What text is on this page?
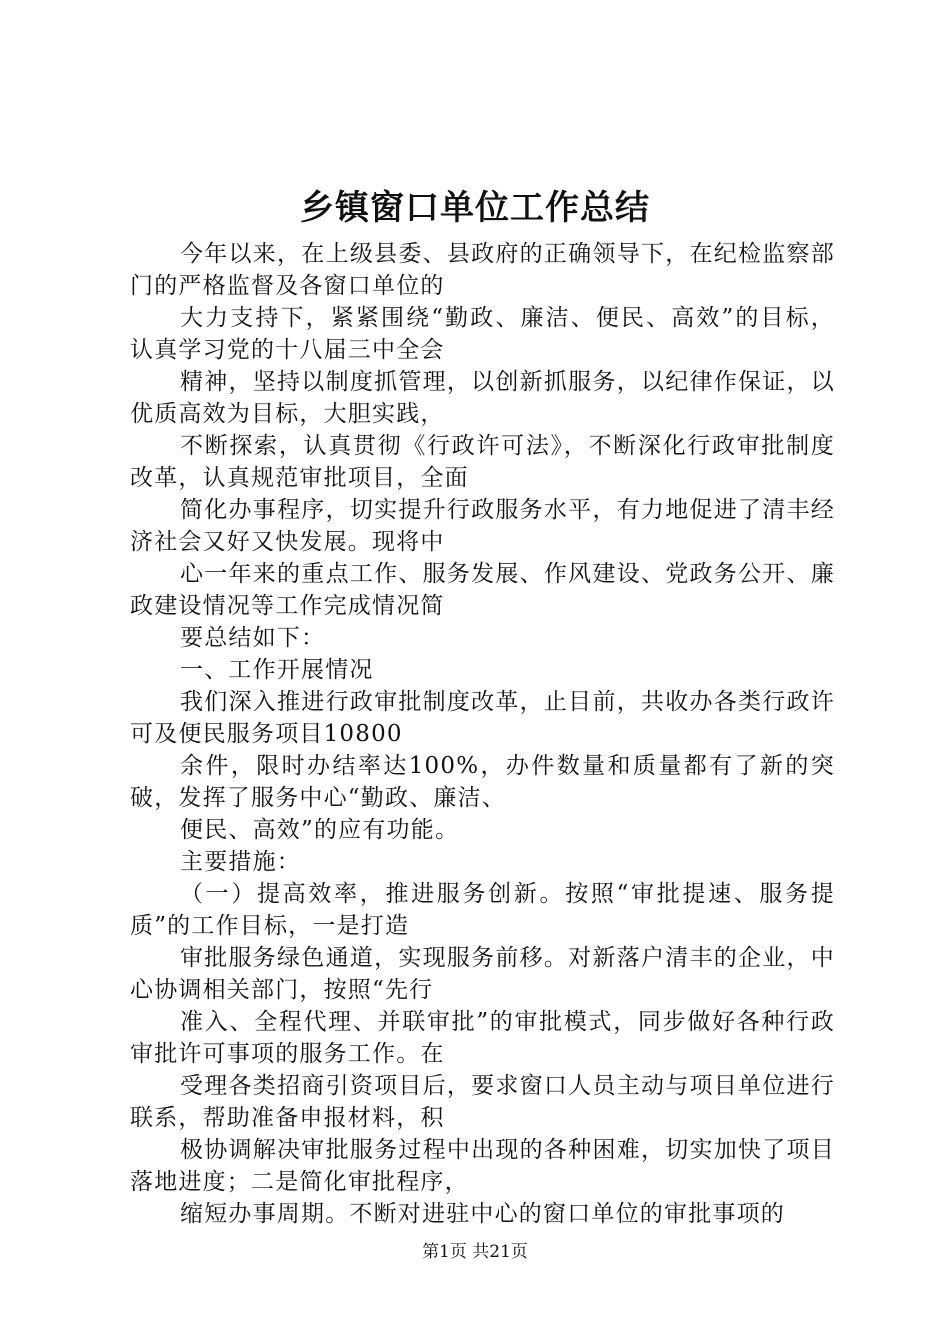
乡镇窗口单位工作总结

今年以来，在上级县委、县政府的正确领导下，在纪检监察部门的严格监督及各窗口单位的

大力支持下，紧紧围绕“勤政、廉洁、便民、高效”的目标，认真学习党的十八届三中全会

精神，坚持以制度抓管理，以创新抓服务，以纪律作保证，以优质高效为目标，大胆实践，

不断探索，认真贯彻《行政许可法》，不断深化行政审批制度改革，认真规范审批项目，全面

简化办事程序，切实提升行政服务水平，有力地促进了清丰经济社会又好又快发展。现将中

心一年来的重点工作、服务发展、作风建设、党政务公开、廉政建设情况等工作完成情况简

要总结如下：

一、工作开展情况

我们深入推进行政审批制度改革，止目前，共收办各类行政许可及便民服务项目10800

余件，限时办结率达100%，办件数量和质量都有了新的突破，发挥了服务中心“勤政、廉洁、

便民、高效”的应有功能。

主要措施：

（一）提高效率，推进服务创新。按照“审批提速、服务提质”的工作目标，一是打造

审批服务绿色通道，实现服务前移。对新落户清丰的企业，中心协调相关部门，按照“先行

准入、全程代理、并联审批”的审批模式，同步做好各种行政审批许可事项的服务工作。在

受理各类招商引资项目后，要求窗口人员主动与项目单位进行联系，帮助准备申报材料，积

极协调解决审批服务过程中出现的各种困难，切实加快了项目落地进度；二是简化审批程序，

缩短办事周期。不断对进驻中心的窗口单位的审批事项的

第1页 共21页
